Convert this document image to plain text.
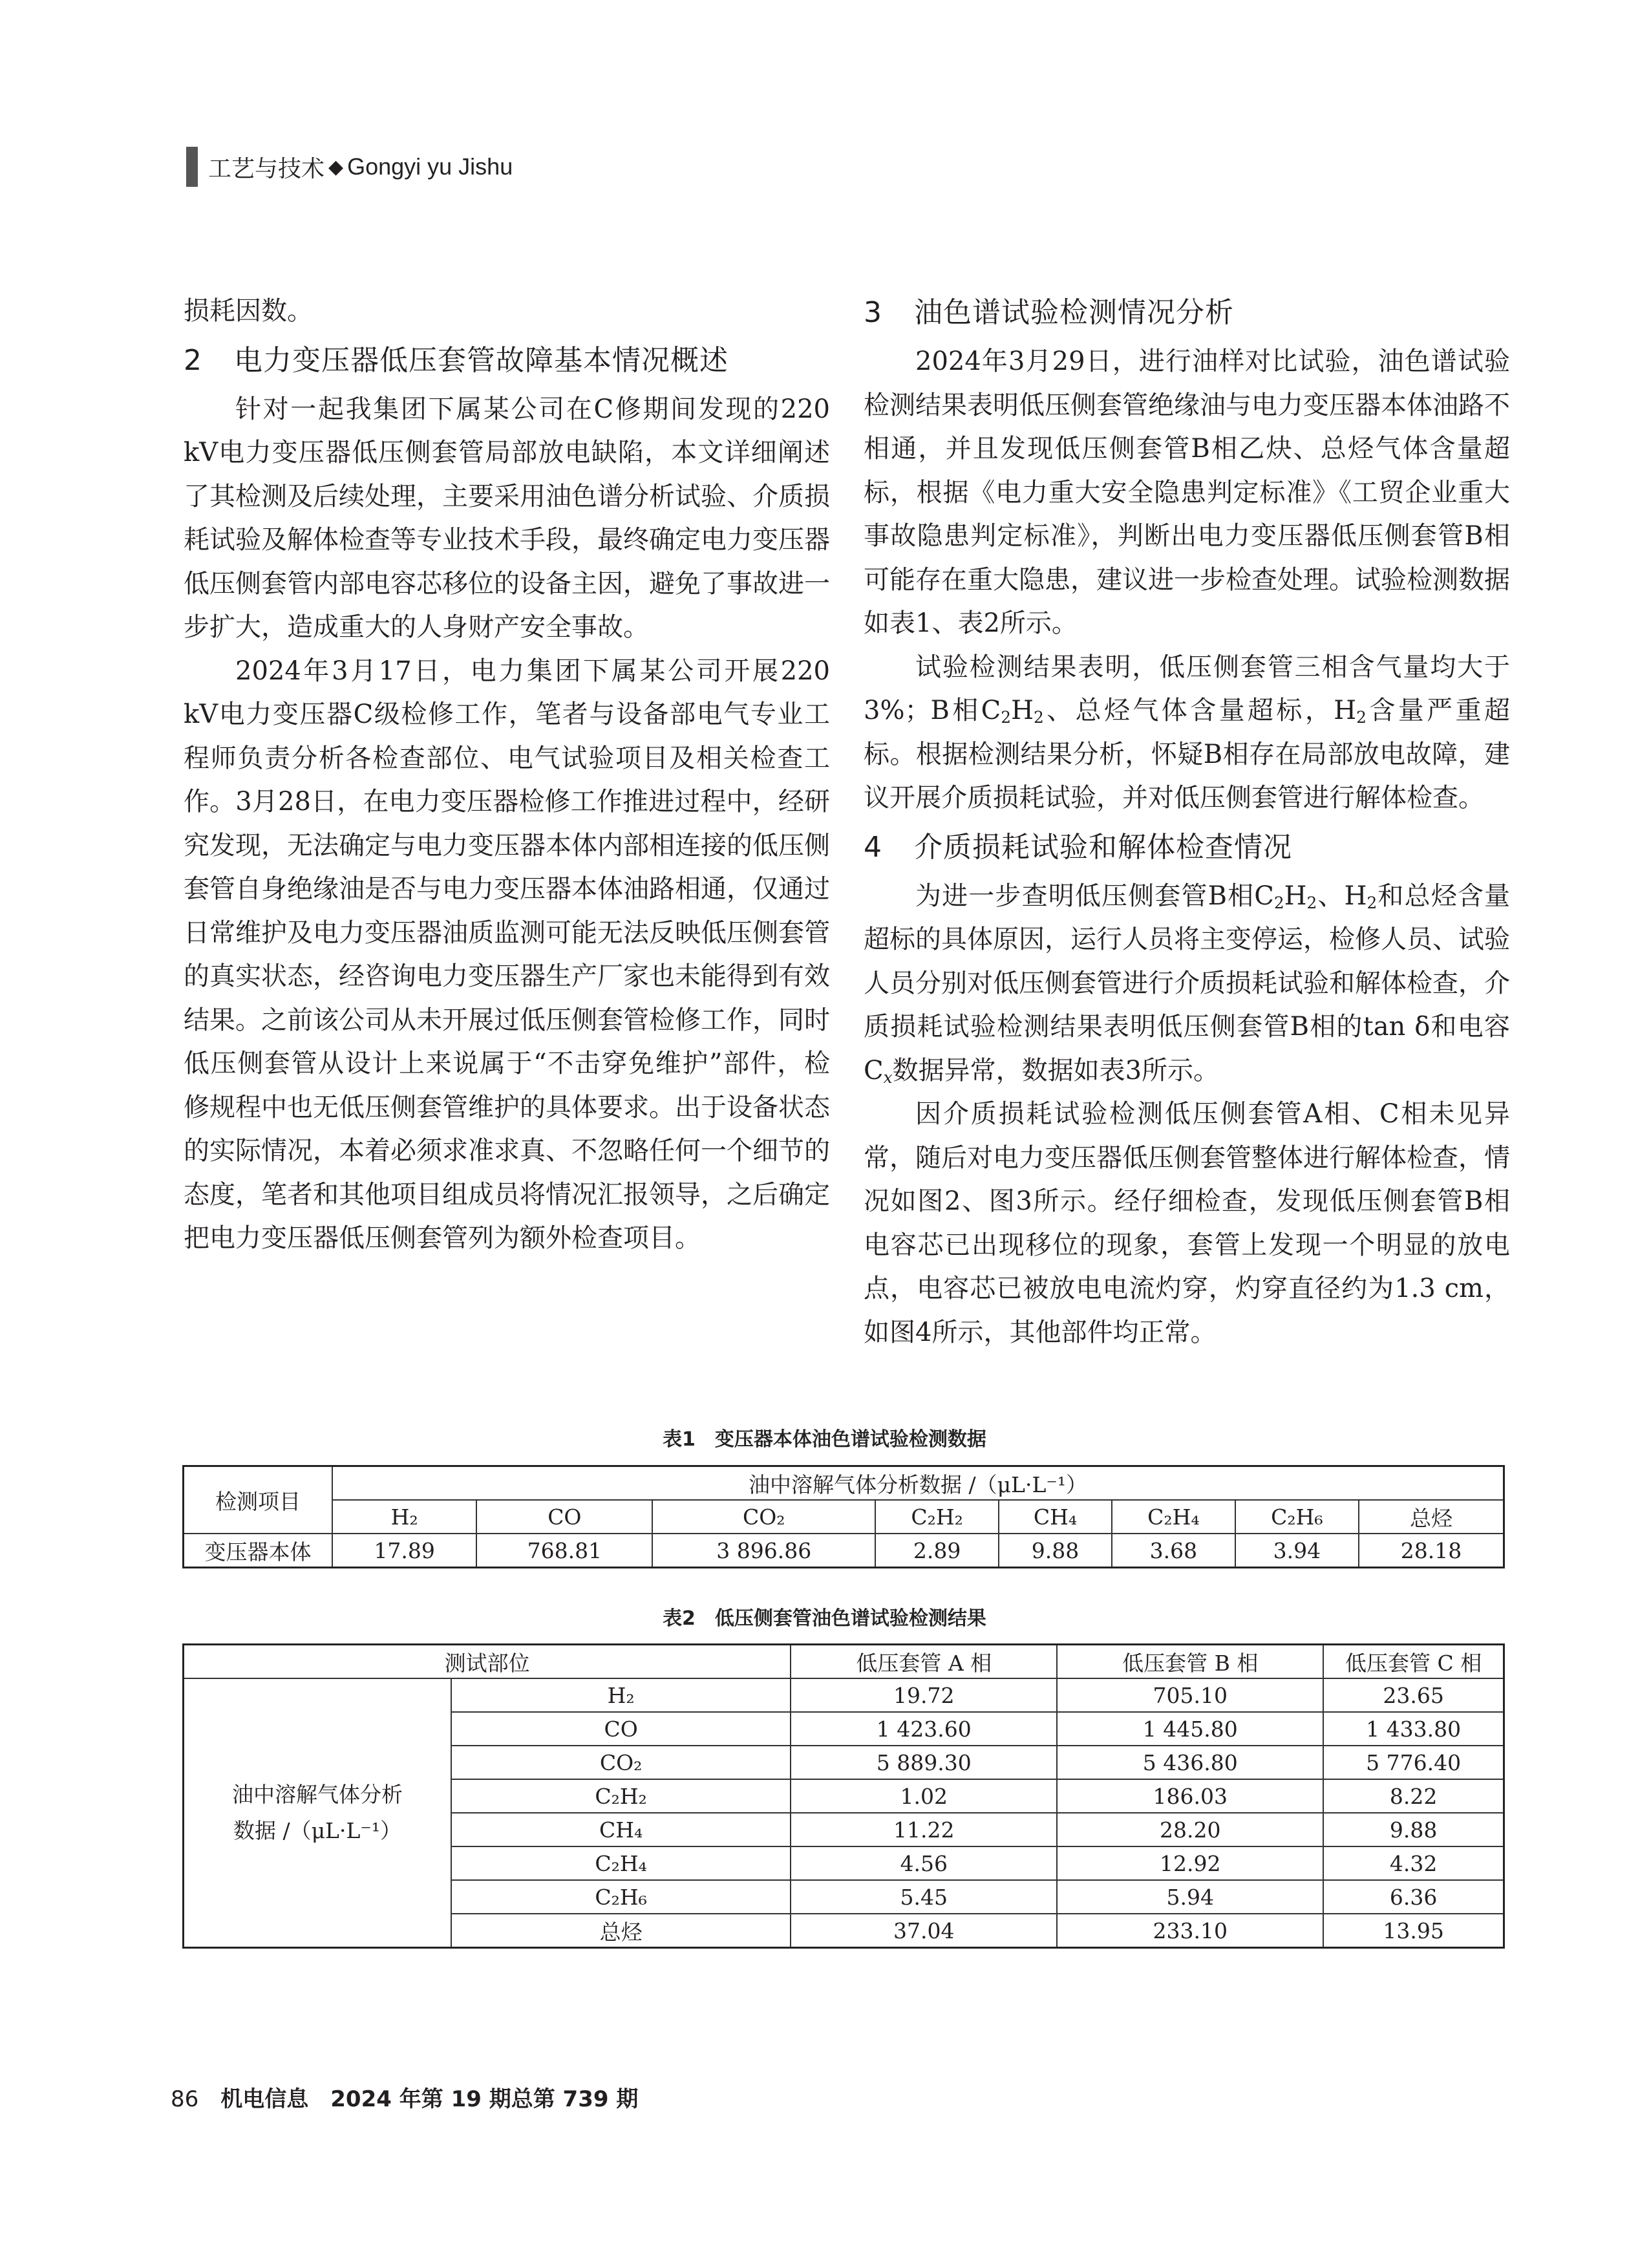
工艺与技术 ◆ Gongyi yu Jishu

损耗因数。

2 电力变压器低压套管故障基本情况概述

针对一起我集团下属某公司在C修期间发现的220 kV电力变压器低压侧套管局部放电缺陷，本文详细阐述了其检测及后续处理，主要采用油色谱分析试验、介质损耗试验及解体检查等专业技术手段，最终确定电力变压器低压侧套管内部电容芯移位的设备主因，避免了事故进一步扩大，造成重大的人身财产安全事故。

2024年3月17日，电力集团下属某公司开展220 kV电力变压器C级检修工作，笔者与设备部电气专业工程师负责分析各检查部位、电气试验项目及相关检查工作。3月28日，在电力变压器检修工作推进过程中，经研究发现，无法确定与电力变压器本体内部相连接的低压侧套管自身绝缘油是否与电力变压器本体油路相通，仅通过日常维护及电力变压器油质监测可能无法反映低压侧套管的真实状态，经咨询电力变压器生产厂家也未能得到有效结果。之前该公司从未开展过低压侧套管检修工作，同时低压侧套管从设计上来说属于“不击穿免维护”部件，检修规程中也无低压侧套管维护的具体要求。出于设备状态的实际情况，本着必须求准求真、不忽略任何一个细节的态度，笔者和其他项目组成员将情况汇报领导，之后确定把电力变压器低压侧套管列为额外检查项目。

3 油色谱试验检测情况分析

2024年3月29日，进行油样对比试验，油色谱试验检测结果表明低压侧套管绝缘油与电力变压器本体油路不相通，并且发现低压侧套管B相乙炔、总烃气体含量超标，根据《电力重大安全隐患判定标准》《工贸企业重大事故隐患判定标准》，判断出电力变压器低压侧套管B相可能存在重大隐患，建议进一步检查处理。试验检测数据如表1、表2所示。

试验检测结果表明，低压侧套管三相含气量均大于3%；B相$C_2H_2$、总烃气体含量超标，$H_2$含量严重超标。根据检测结果分析，怀疑B相存在局部放电故障，建议开展介质损耗试验，并对低压侧套管进行解体检查。

4 介质损耗试验和解体检查情况

为进一步查明低压侧套管B相$C_2H_2$、$H_2$和总烃含量超标的具体原因，运行人员将主变停运，检修人员、试验人员分别对低压侧套管进行介质损耗试验和解体检查，介质损耗试验检测结果表明低压侧套管B相的tan δ和电容$C_x$数据异常，数据如表3所示。

因介质损耗试验检测低压侧套管A相、C相未见异常，随后对电力变压器低压侧套管整体进行解体检查，情况如图2、图3所示。经仔细检查，发现低压侧套管B相电容芯已出现移位的现象，套管上发现一个明显的放电点，电容芯已被放电电流灼穿，灼穿直径约为1.3 cm，如图4所示，其他部件均正常。

表1　变压器本体油色谱试验检测数据
检测项目	油中溶解气体分析数据 /（μL·L⁻¹）							
	H₂	CO	CO₂	C₂H₂	CH₄	C₂H₄	C₂H₆	总烃
变压器本体	17.89	768.81	3 896.86	2.89	9.88	3.68	3.94	28.18
表2　低压侧套管油色谱试验检测结果
测试部位		低压套管 A 相	低压套管 B 相	低压套管 C 相
油中溶解气体分析
数据 /（μL·L⁻¹）	H₂	19.72	705.10	23.65
	CO	1 423.60	1 445.80	1 433.80
	CO₂	5 889.30	5 436.80	5 776.40
	C₂H₂	1.02	186.03	8.22
	CH₄	11.22	28.20	9.88
	C₂H₄	4.56	12.92	4.32
	C₂H₆	5.45	5.94	6.36
	总烃	37.04	233.10	13.95
86 机电信息　2024 年第 19 期总第 739 期
